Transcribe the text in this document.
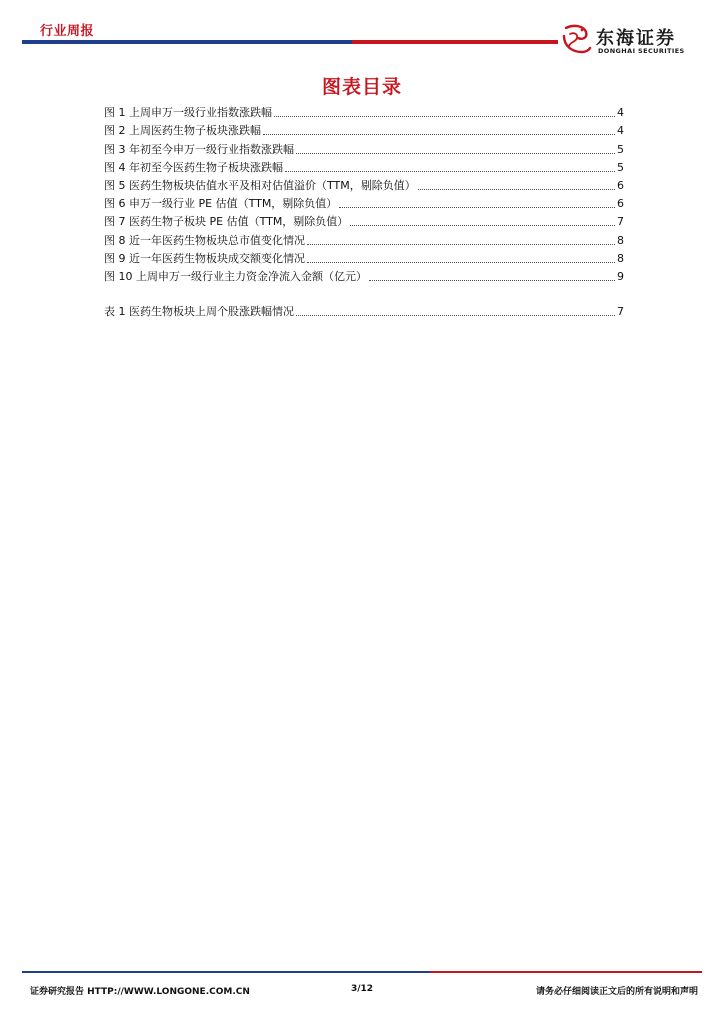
行业周报	东海证券
DONGHAI SECURITIES
图表目录
图 1 上周申万一级行业指数涨跌幅	4
图 2 上周医药生物子板块涨跌幅	4
图 3 年初至今申万一级行业指数涨跌幅	5
图 4 年初至今医药生物子板块涨跌幅	5
图 5 医药生物板块估值水平及相对估值溢价（TTM，剔除负值）	6
图 6 申万一级行业 PE 估值（TTM，剔除负值）	6
图 7 医药生物子板块 PE 估值（TTM，剔除负值）	7
图 8 近一年医药生物板块总市值变化情况	8
图 9 近一年医药生物板块成交额变化情况	8
图 10 上周申万一级行业主力资金净流入金额（亿元）	9
表 1 医药生物板块上周个股涨跌幅情况	7
证券研究报告 HTTP://WWW.LONGONE.COM.CN	3/12	请务必仔细阅读正文后的所有说明和声明
